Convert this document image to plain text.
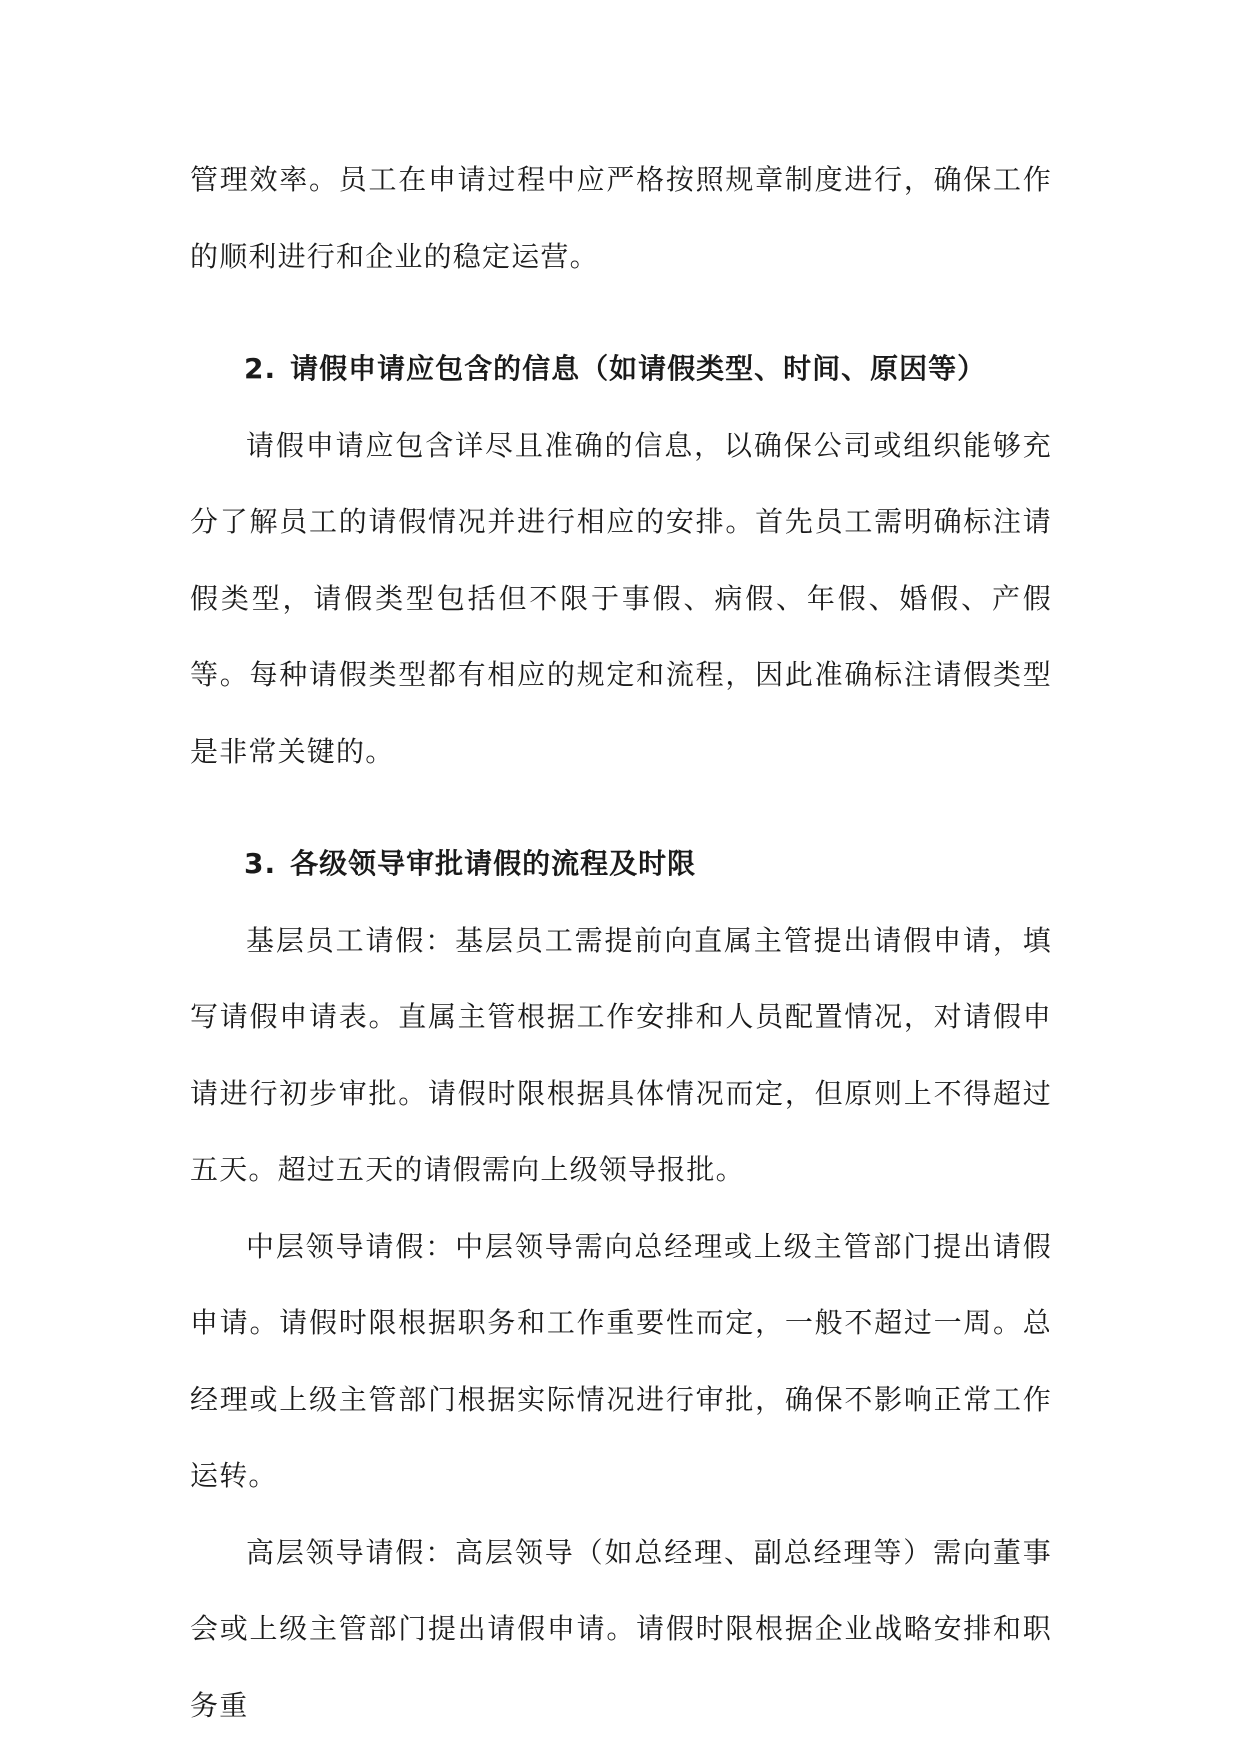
管理效率。员工在申请过程中应严格按照规章制度进行，确保工作的顺利进行和企业的稳定运营。

2. 请假申请应包含的信息（如请假类型、时间、原因等）

请假申请应包含详尽且准确的信息，以确保公司或组织能够充分了解员工的请假情况并进行相应的安排。首先员工需明确标注请假类型，请假类型包括但不限于事假、病假、年假、婚假、产假等。每种请假类型都有相应的规定和流程，因此准确标注请假类型是非常关键的。

3. 各级领导审批请假的流程及时限

基层员工请假：基层员工需提前向直属主管提出请假申请，填写请假申请表。直属主管根据工作安排和人员配置情况，对请假申请进行初步审批。请假时限根据具体情况而定，但原则上不得超过五天。超过五天的请假需向上级领导报批。

中层领导请假：中层领导需向总经理或上级主管部门提出请假申请。请假时限根据职务和工作重要性而定，一般不超过一周。总经理或上级主管部门根据实际情况进行审批，确保不影响正常工作运转。

高层领导请假：高层领导（如总经理、副总经理等）需向董事会或上级主管部门提出请假申请。请假时限根据企业战略安排和职务重
